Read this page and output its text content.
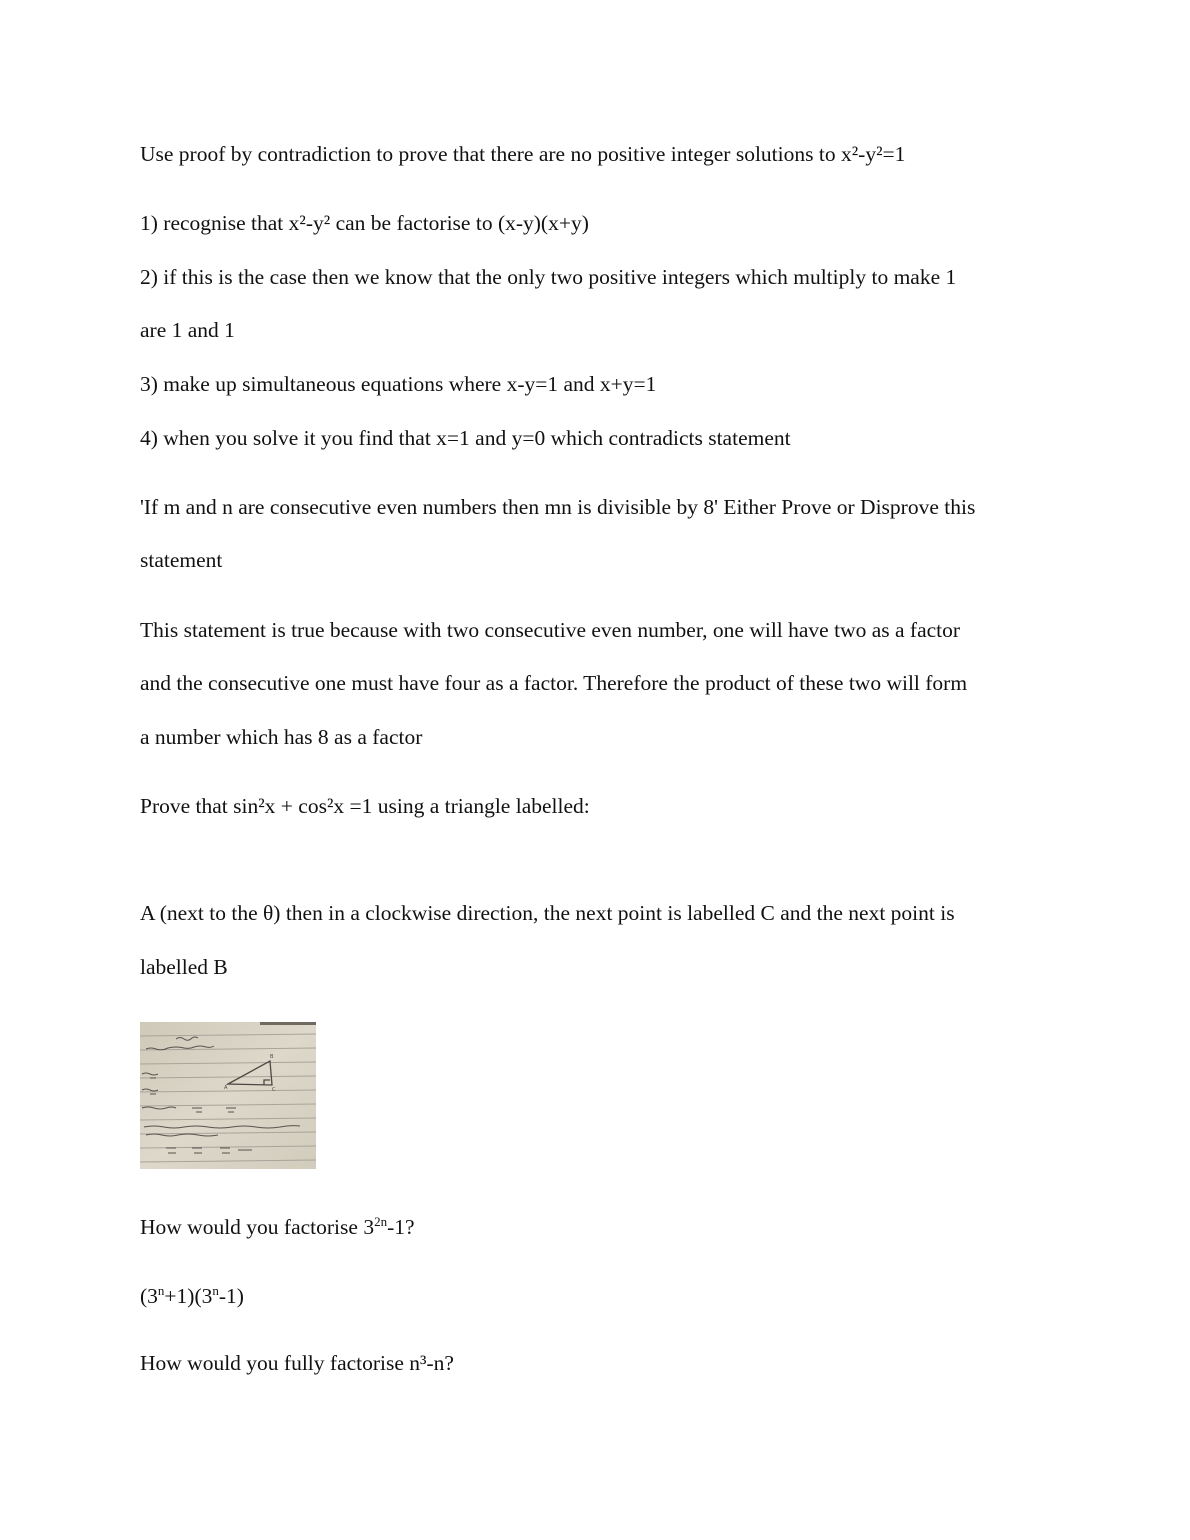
Use proof by contradiction to prove that there are no positive integer solutions to x²-y²=1
1) recognise that x²-y² can be factorise to (x-y)(x+y)
2) if this is the case then we know that the only two positive integers which multiply to make 1
are 1 and 1
3) make up simultaneous equations where x-y=1 and x+y=1
4) when you solve it you find that x=1 and y=0 which contradicts statement
'If m and n are consecutive even numbers then mn is divisible by 8' Either Prove or Disprove this
statement
This statement is true because with two consecutive even number, one will have two as a factor
and the consecutive one must have four as a factor. Therefore the product of these two will form
a number which has 8 as a factor
Prove that sin²x + cos²x =1 using a triangle labelled:
A (next to the θ) then in a clockwise direction, the next point is labelled C and the next point is
labelled B
A
B
C
How would you factorise $3^{2n}-1$?
$(3^n+1)(3^n-1)$
How would you fully factorise n³-n?
